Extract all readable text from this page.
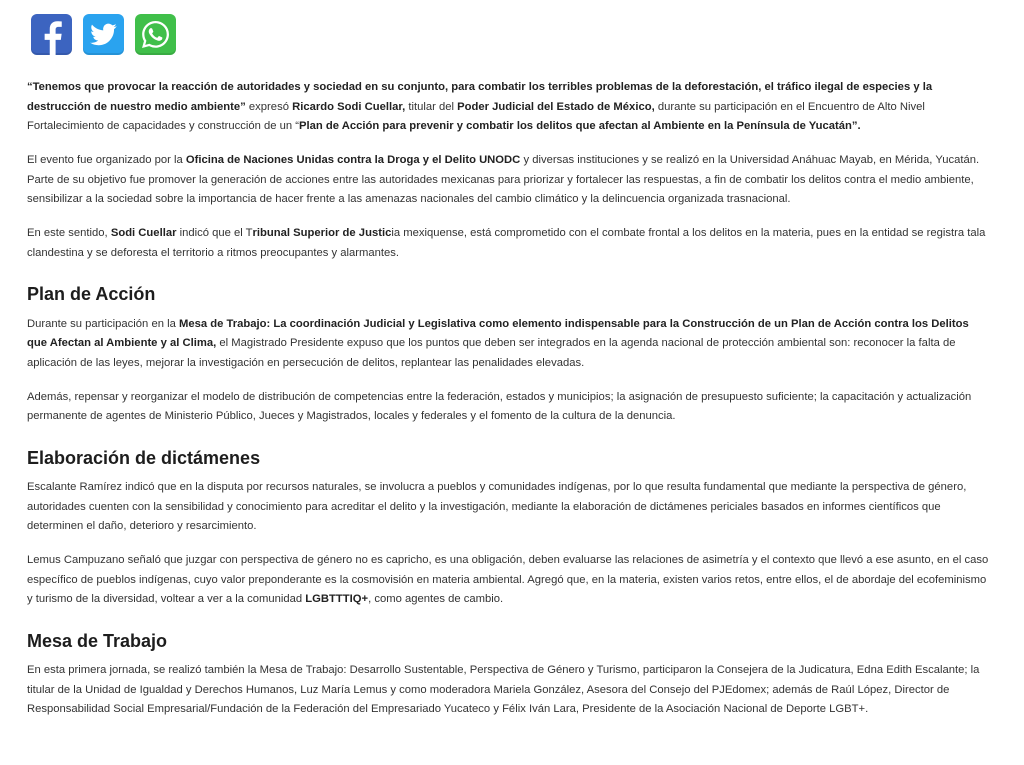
“Tenemos que provocar la reacción de autoridades y sociedad en su conjunto, para combatir los terribles problemas de la deforestación, el tráfico ilegal de especies y la destrucción de nuestro medio ambiente” expresó Ricardo Sodi Cuellar, titular del Poder Judicial del Estado de México, durante su participación en el Encuentro de Alto Nivel Fortalecimiento de capacidades y construcción de un “Plan de Acción para prevenir y combatir los delitos que afectan al Ambiente en la Península de Yucatán”.

El evento fue organizado por la Oficina de Naciones Unidas contra la Droga y el Delito UNODC y diversas instituciones y se realizó en la Universidad Anáhuac Mayab, en Mérida, Yucatán. Parte de su objetivo fue promover la generación de acciones entre las autoridades mexicanas para priorizar y fortalecer las respuestas, a fin de combatir los delitos contra el medio ambiente, sensibilizar a la sociedad sobre la importancia de hacer frente a las amenazas nacionales del cambio climático y la delincuencia organizada trasnacional.

En este sentido, Sodi Cuellar indicó que el Tribunal Superior de Justicia mexiquense, está comprometido con el combate frontal a los delitos en la materia, pues en la entidad se registra tala clandestina y se deforesta el territorio a ritmos preocupantes y alarmantes.

Plan de Acción

Durante su participación en la Mesa de Trabajo: La coordinación Judicial y Legislativa como elemento indispensable para la Construcción de un Plan de Acción contra los Delitos que Afectan al Ambiente y al Clima, el Magistrado Presidente expuso que los puntos que deben ser integrados en la agenda nacional de protección ambiental son: reconocer la falta de aplicación de las leyes, mejorar la investigación en persecución de delitos, replantear las penalidades elevadas.

Además, repensar y reorganizar el modelo de distribución de competencias entre la federación, estados y municipios; la asignación de presupuesto suficiente; la capacitación y actualización permanente de agentes de Ministerio Público, Jueces y Magistrados, locales y federales y el fomento de la cultura de la denuncia.

Elaboración de dictámenes

Escalante Ramírez indicó que en la disputa por recursos naturales, se involucra a pueblos y comunidades indígenas, por lo que resulta fundamental que mediante la perspectiva de género, autoridades cuenten con la sensibilidad y conocimiento para acreditar el delito y la investigación, mediante la elaboración de dictámenes periciales basados en informes científicos que determinen el daño, deterioro y resarcimiento.

Lemus Campuzano señaló que juzgar con perspectiva de género no es capricho, es una obligación, deben evaluarse las relaciones de asimetría y el contexto que llevó a ese asunto, en el caso específico de pueblos indígenas, cuyo valor preponderante es la cosmovisión en materia ambiental. Agregó que, en la materia, existen varios retos, entre ellos, el de abordaje del ecofeminismo y turismo de la diversidad, voltear a ver a la comunidad LGBTTTIQ+, como agentes de cambio.

Mesa de Trabajo

En esta primera jornada, se realizó también la Mesa de Trabajo: Desarrollo Sustentable, Perspectiva de Género y Turismo, participaron la Consejera de la Judicatura, Edna Edith Escalante; la titular de la Unidad de Igualdad y Derechos Humanos, Luz María Lemus y como moderadora Mariela González, Asesora del Consejo del PJEdomex; además de Raúl López, Director de Responsabilidad Social Empresarial/Fundación de la Federación del Empresariado Yucateco y Félix Iván Lara, Presidente de la Asociación Nacional de Deporte LGBT+.
